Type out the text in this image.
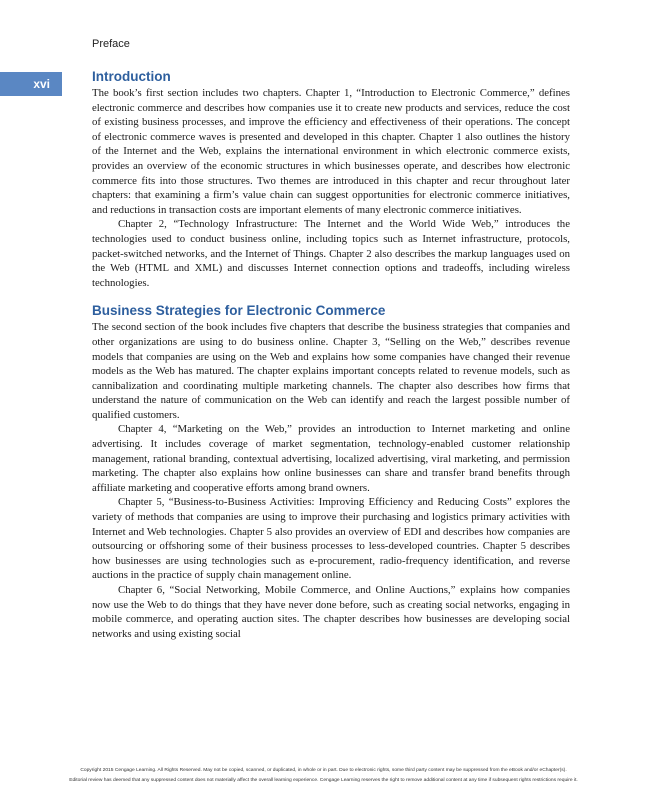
Preface
xvi	Introduction

The book’s first section includes two chapters. Chapter 1, “Introduction to Electronic Commerce,” defines electronic commerce and describes how companies use it to create new products and services, reduce the cost of existing business processes, and improve the efficiency and effectiveness of their operations. The concept of electronic commerce waves is presented and developed in this chapter. Chapter 1 also outlines the history of the Internet and the Web, explains the international environment in which electronic commerce exists, provides an overview of the economic structures in which businesses operate, and describes how electronic commerce fits into those structures. Two themes are introduced in this chapter and recur throughout later chapters: that examining a firm’s value chain can suggest opportunities for electronic commerce initiatives, and reductions in transaction costs are important elements of many electronic commerce initiatives.

Chapter 2, “Technology Infrastructure: The Internet and the World Wide Web,” introduces the technologies used to conduct business online, including topics such as Internet infrastructure, protocols, packet-switched networks, and the Internet of Things. Chapter 2 also describes the markup languages used on the Web (HTML and XML) and discusses Internet connection options and tradeoffs, including wireless technologies.

Business Strategies for Electronic Commerce

The second section of the book includes five chapters that describe the business strategies that companies and other organizations are using to do business online. Chapter 3, “Selling on the Web,” describes revenue models that companies are using on the Web and explains how some companies have changed their revenue models as the Web has matured. The chapter explains important concepts related to revenue models, such as cannibalization and coordinating multiple marketing channels. The chapter also describes how firms that understand the nature of communication on the Web can identify and reach the largest possible number of qualified customers.

Chapter 4, “Marketing on the Web,” provides an introduction to Internet marketing and online advertising. It includes coverage of market segmentation, technology-enabled customer relationship management, rational branding, contextual advertising, localized advertising, viral marketing, and permission marketing. The chapter also explains how online businesses can share and transfer brand benefits through affiliate marketing and cooperative efforts among brand owners.

Chapter 5, “Business-to-Business Activities: Improving Efficiency and Reducing Costs” explores the variety of methods that companies are using to improve their purchasing and logistics primary activities with Internet and Web technologies. Chapter 5 also provides an overview of EDI and describes how companies are outsourcing or offshoring some of their business processes to less-developed countries. Chapter 5 describes how businesses are using technologies such as e-procurement, radio-frequency identification, and reverse auctions in the practice of supply chain management online.

Chapter 6, “Social Networking, Mobile Commerce, and Online Auctions,” explains how companies now use the Web to do things that they have never done before, such as creating social networks, engaging in mobile commerce, and operating auction sites. The chapter describes how businesses are developing social networks and using existing social

Copyright 2015 Cengage Learning. All Rights Reserved. May not be copied, scanned, or duplicated, in whole or in part. Due to electronic rights, some third party content may be suppressed from the eBook and/or eChapter(s).
Editorial review has deemed that any suppressed content does not materially affect the overall learning experience. Cengage Learning reserves the right to remove additional content at any time if subsequent rights restrictions require it.
